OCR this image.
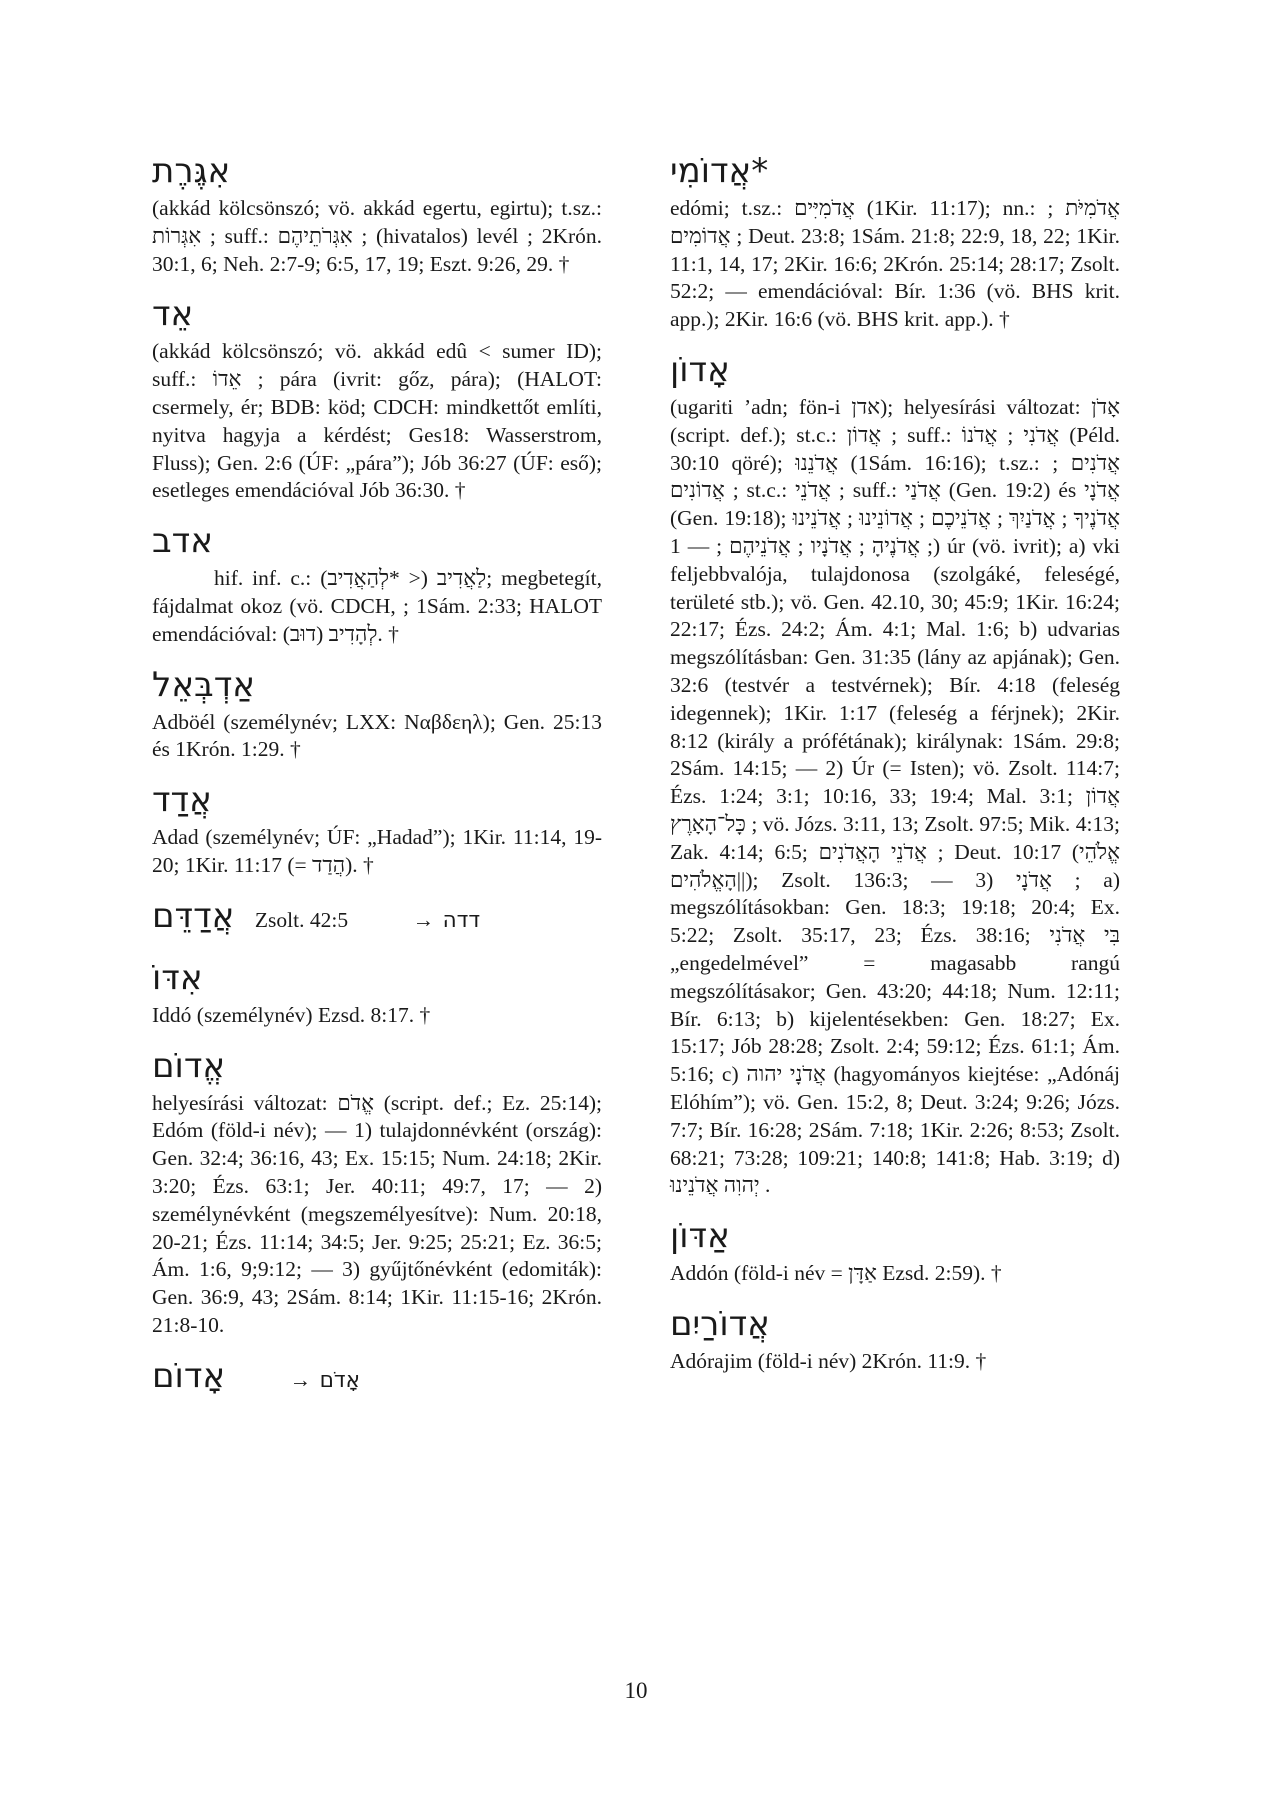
אִגֶּרֶת
(akkád kölcsönszó; vö. akkád egertu, egirtu); t.sz.: אִגְּרוֹת ; suff.: אִגְּרֹתֵיהֶם ; (hivatalos) levél ; 2Krón. 30:1, 6; Neh. 2:7-9; 6:5, 17, 19; Eszt. 9:26, 29. †
אֵד
(akkád kölcsönszó; vö. akkád edû < sumer ID); suff.: אֵדוֹ ; pára (ivrit: gőz, pára); (HALOT: csermely, ér; BDB: köd; CDCH: mindkettőt említi, nyitva hagyja a kérdést; Ges18: Wasserstrom, Fluss); Gen. 2:6 (ÚF: „pára”); Jób 36:27 (ÚF: eső); esetleges emendációval Jób 36:30. †
אדב
hif. inf. c.: לַאֲדִיב (< *לְהַאֲדִיב); megbetegít, fájdalmat okoz (vö. CDCH, ; 1Sám. 2:33; HALOT emendációval: לְהָדִיב (דוּב). †
אַדְבְּאֵל
Adböél (személynév; LXX: Ναβδεηλ); Gen. 25:13 és 1Krón. 1:29. †
אֲדַד
Adad (személynév; ÚF: „Hadad”); 1Kir. 11:14, 19-20; 1Kir. 11:17 (= הֲדַד). †
אֲדַדֵּם Zsolt. 42:5	→ דדה
אִדּוֹ
Iddó (személynév) Ezsd. 8:17. †
אֱדוֹם
helyesírási változat: אֱדֹם (script. def.; Ez. 25:14); Edóm (föld-i név); — 1) tulajdonnévként (ország): Gen. 32:4; 36:16, 43; Ex. 15:15; Num. 24:18; 2Kir. 3:20; Ézs. 63:1; Jer. 40:11; 49:7, 17; — 2) személynévként (megszemélyesítve): Num. 20:18, 20-21; Ézs. 11:14; 34:5; Jer. 9:25; 25:21; Ez. 36:5; Ám. 1:6, 9;9:12; — 3) gyűjtőnévként (edomiták): Gen. 36:9, 43; 2Sám. 8:14; 1Kir. 11:15-16; 2Krón. 21:8-10.
אָדוֹם	→ אָדֹם
*אֲדוֹמִי
edómi; t.sz.: אֲדֹמִיִּים (1Kir. 11:17); nn.: אֲדֹמִיֹּת ; אֲדוֹמִים ; Deut. 23:8; 1Sám. 21:8; 22:9, 18, 22; 1Kir. 11:1, 14, 17; 2Kir. 16:6; 2Krón. 25:14; 28:17; Zsolt. 52:2; — emendációval: Bír. 1:36 (vö. BHS krit. app.); 2Kir. 16:6 (vö. BHS krit. app.). †
אָדוֹן
(ugariti ’adn; fön-i אדן); helyesírási változat: אָדֹן (script. def.); st.c.: אֲדוֹן ; suff.: אֲדֹנִי ; אֲדֹנוֹ (Péld. 30:10 qöré); אֲדֹנֵנוּ (1Sám. 16:16); t.sz.: אֲדֹנִים ; אֲדוֹנִים ; st.c.: אֲדֹנֵי ; suff.: אֲדֹנַי (Gen. 19:2) és אֲדֹנָי (Gen. 19:18); אֲדֹנֶיךָ ; אֲדֹנַיִךְ ; אֲדֹנֵיכֶם ; אֲדוֹנֵינוּ ; אֲדֹנֵינוּ ; אֲדֹנֶיהָ ; אֲדֹנָיו ; אֲדֹנֵיהֶם ; — 1) úr (vö. ivrit); a) vki feljebbvalója, tulajdonosa (szolgáké, feleségé, területé stb.); vö. Gen. 42.10, 30; 45:9; 1Kir. 16:24; 22:17; Ézs. 24:2; Ám. 4:1; Mal. 1:6; b) udvarias megszólításban: Gen. 31:35 (lány az apjának); Gen. 32:6 (testvér a testvérnek); Bír. 4:18 (feleség idegennek); 1Kir. 1:17 (feleség a férjnek); 2Kir. 8:12 (király a prófétának); királynak: 1Sám. 29:8; 2Sám. 14:15; — 2) Úr (= Isten); vö. Zsolt. 114:7; Ézs. 1:24; 3:1; 10:16, 33; 19:4; Mal. 3:1; אֲדוֹן כָּל־הָאָרֶץ ; vö. Józs. 3:11, 13; Zsolt. 97:5; Mik. 4:13; Zak. 4:14; 6:5; אֲדֹנֵי הָאֲדֹנִים ; Deut. 10:17 (אֱלֹהֵי הָאֱלֹהִים||); Zsolt. 136:3; — 3) אֲדֹנָי ; a) megszólításokban: Gen. 18:3; 19:18; 20:4; Ex. 5:22; Zsolt. 35:17, 23; Ézs. 38:16; בִּי אֲדֹנִי „engedelmével” = magasabb rangú megszólításakor; Gen. 43:20; 44:18; Num. 12:11; Bír. 6:13; b) kijelentésekben: Gen. 18:27; Ex. 15:17; Jób 28:28; Zsolt. 2:4; 59:12; Ézs. 61:1; Ám. 5:16; c) אֲדֹנָי יהוה (hagyományos kiejtése: „Adónáj Elóhím”); vö. Gen. 15:2, 8; Deut. 3:24; 9:26; Józs. 7:7; Bír. 16:28; 2Sám. 7:18; 1Kir. 2:26; 8:53; Zsolt. 68:21; 73:28; 109:21; 140:8; 141:8; Hab. 3:19; d) יְהוִה אֲדֹנֵינוּ .
אַדּוֹן
Addón (föld-i név = אַדָּן Ezsd. 2:59). †
אֲדוֹרַיִם
Adórajim (föld-i név) 2Krón. 11:9. †
10
